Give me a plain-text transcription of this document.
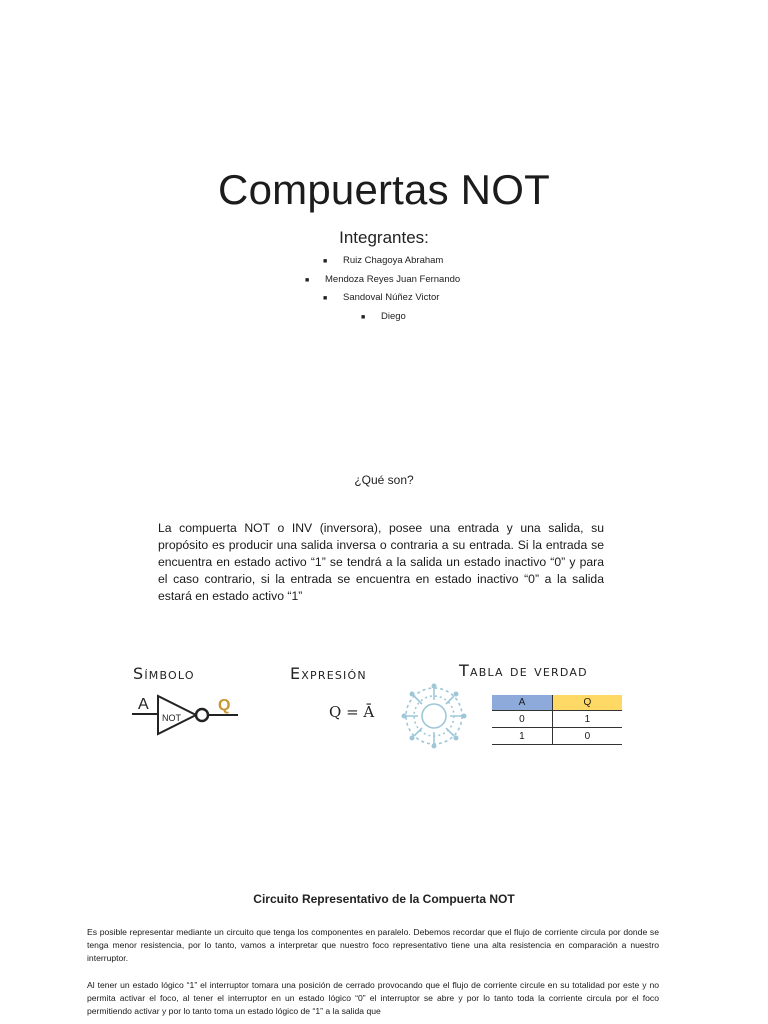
Compuertas NOT
Integrantes:
■ Ruiz Chagoya Abraham
■ Mendoza Reyes Juan Fernando
■ Sandoval Núñez Victor
■ Diego
¿Qué son?
La compuerta NOT o INV (inversora), posee una entrada y una salida, su propósito es producir una salida inversa o contraria a su entrada. Si la entrada se encuentra en estado activo “1” se tendrá a la salida un estado inactivo “0” y para el caso contrario, si la entrada se encuentra en estado inactivo “0” a la salida estará en estado activo “1”
Símbolo	Expresión	Tabla de verdad
A
NOT
Q	Q = Ā
A	Q
0	1
1	0
Circuito Representativo de la Compuerta NOT
Es posible representar mediante un circuito que tenga los componentes en paralelo. Debemos recordar que el flujo de corriente circula por donde se tenga menor resistencia, por lo tanto, vamos a interpretar que nuestro foco representativo tiene una alta resistencia en comparación a nuestro interruptor.
Al tener un estado lógico “1” el interruptor tomara una posición de cerrado provocando que el flujo de corriente circule en su totalidad por este y no permita activar el foco, al tener el interruptor en un estado lógico “0” el interruptor se abre y por lo tanto toda la corriente circula por el foco permitiendo activar y por lo tanto toma un estado lógico de “1” a la salida que
